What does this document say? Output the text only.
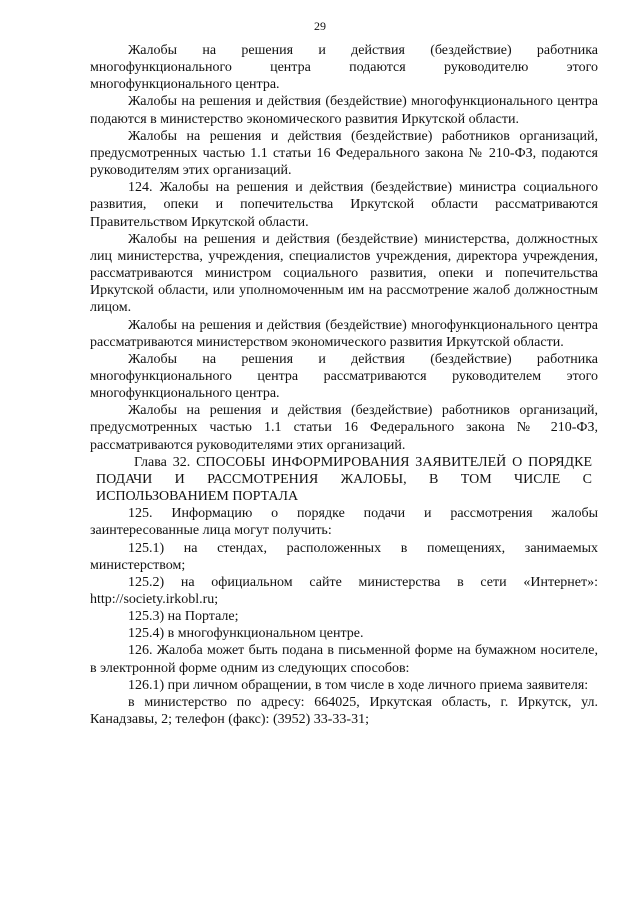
29

Жалобы на решения и действия (бездействие) работника многофункционального центра подаются руководителю этого многофункционального центра.

Жалобы на решения и действия (бездействие) многофункционального центра подаются в министерство экономического развития Иркутской области.

Жалобы на решения и действия (бездействие) работников организаций, предусмотренных частью 1.1 статьи 16 Федерального закона № 210-ФЗ, подаются руководителям этих организаций.

124. Жалобы на решения и действия (бездействие) министра социального развития, опеки и попечительства Иркутской области рассматриваются Правительством Иркутской области.

Жалобы на решения и действия (бездействие) министерства, должностных лиц министерства, учреждения, специалистов учреждения, директора учреждения, рассматриваются министром социального развития, опеки и попечительства Иркутской области, или уполномоченным им на рассмотрение жалоб должностным лицом.

Жалобы на решения и действия (бездействие) многофункционального центра рассматриваются министерством экономического развития Иркутской области.

Жалобы на решения и действия (бездействие) работника многофункционального центра рассматриваются руководителем этого многофункционального центра.

Жалобы на решения и действия (бездействие) работников организаций, предусмотренных частью 1.1 статьи 16 Федерального закона № 210-ФЗ, рассматриваются руководителями этих организаций.

Глава 32. СПОСОБЫ ИНФОРМИРОВАНИЯ ЗАЯВИТЕЛЕЙ О ПОРЯДКЕ ПОДАЧИ И РАССМОТРЕНИЯ ЖАЛОБЫ, В ТОМ ЧИСЛЕ С ИСПОЛЬЗОВАНИЕМ ПОРТАЛА

125. Информацию о порядке подачи и рассмотрения жалобы заинтересованные лица могут получить:

125.1) на стендах, расположенных в помещениях, занимаемых министерством;

125.2) на официальном сайте министерства в сети «Интернет»: http://society.irkobl.ru;

125.3) на Портале;

125.4) в многофункциональном центре.

126. Жалоба может быть подана в письменной форме на бумажном носителе, в электронной форме одним из следующих способов:

126.1) при личном обращении, в том числе в ходе личного приема заявителя:

в министерство по адресу: 664025, Иркутская область, г. Иркутск, ул. Канадзавы, 2; телефон (факс): (3952) 33-33-31;
